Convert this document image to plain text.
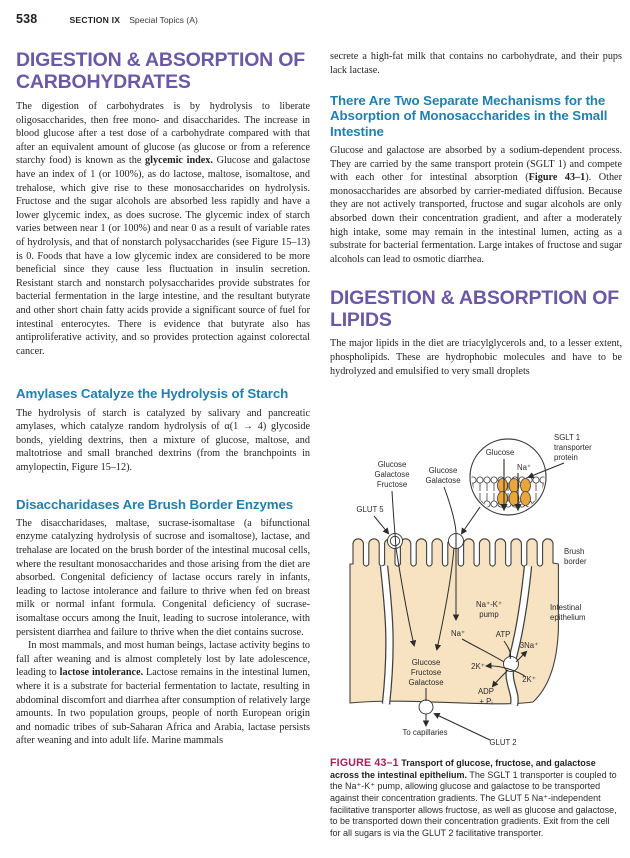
538	SECTION IX Special Topics (A)
DIGESTION & ABSORPTION OF CARBOHYDRATES

The digestion of carbohydrates is by hydrolysis to liberate oligosaccharides, then free mono- and disaccharides. The increase in blood glucose after a test dose of a carbohydrate compared with that after an equivalent amount of glucose (as glucose or from a reference starchy food) is known as the glycemic index. Glucose and galactose have an index of 1 (or 100%), as do lactose, maltose, isomaltose, and trehalose, which give rise to these monosaccharides on hydrolysis. Fructose and the sugar alcohols are absorbed less rapidly and have a lower glycemic index, as does sucrose. The glycemic index of starch varies between near 1 (or 100%) and near 0 as a result of variable rates of hydrolysis, and that of nonstarch polysaccharides (see Figure 15–13) is 0. Foods that have a low glycemic index are considered to be more beneficial since they cause less fluctuation in insulin secretion. Resistant starch and nonstarch polysaccharides provide substrates for bacterial fermentation in the large intestine, and the resultant butyrate and other short chain fatty acids provide a significant source of fuel for intestinal enterocytes. There is evidence that butyrate also has antiproliferative activity, and so provides protection against colorectal cancer.

Amylases Catalyze the Hydrolysis of Starch

The hydrolysis of starch is catalyzed by salivary and pancreatic amylases, which catalyze random hydrolysis of α(1 → 4) glycoside bonds, yielding dextrins, then a mixture of glucose, maltose, and maltotriose and small branched dextrins (from the branchpoints in amylopectin, Figure 15–12).

Disaccharidases Are Brush Border Enzymes

The disaccharidases, maltase, sucrase-isomaltase (a bifunctional enzyme catalyzing hydrolysis of sucrose and isomaltose), lactase, and trehalase are located on the brush border of the intestinal mucosal cells, where the resultant monosaccharides and those arising from the diet are absorbed. Congenital deficiency of lactase occurs rarely in infants, leading to lactose intolerance and failure to thrive when fed on breast milk or normal infant formula. Congenital deficiency of sucrase-isomaltase occurs among the Inuit, leading to sucrose intolerance, with persistent diarrhea and failure to thrive when the diet contains sucrose.

In most mammals, and most human beings, lactase activity begins to fall after weaning and is almost completely lost by late adolescence, leading to lactose intolerance. Lactose remains in the intestinal lumen, where it is a substrate for bacterial fermentation to lactate, resulting in abdominal discomfort and diarrhea after consumption of relatively large amounts. In two population groups, people of north European origin and nomadic tribes of sub-Saharan Africa and Arabia, lactase persists after weaning and into adult life. Marine mammals

secrete a high-fat milk that contains no carbohydrate, and their pups lack lactase.

There Are Two Separate Mechanisms for the Absorption of Monosaccharides in the Small Intestine

Glucose and galactose are absorbed by a sodium-dependent process. They are carried by the same transport protein (SGLT 1) and compete with each other for intestinal absorption (Figure 43–1). Other monosaccharides are absorbed by carrier-mediated diffusion. Because they are not actively transported, fructose and sugar alcohols are only absorbed down their concentration gradient, and after a moderately high intake, some may remain in the intestinal lumen, acting as a substrate for bacterial fermentation. Large intakes of fructose and sugar alcohols can lead to osmotic diarrhea.

DIGESTION & ABSORPTION OF LIPIDS

The major lipids in the diet are triacylglycerols and, to a lesser extent, phospholipids. These are hydrophobic molecules and have to be hydrolyzed and emulsified to very small droplets

Glucose
Na⁺
SGLT 1
transporter
protein
Glucose
Galactose
Fructose
Glucose
Galactose
GLUT 5
Brush
border
Na⁺-K⁺
pump
Intestinal
epithelium
Na⁺	ATP
3Na⁺
2K⁺
2K⁺
ADP
+ Pᵢ
Glucose
Fructose
Galactose
To capillaries
GLUT 2

FIGURE 43–1 Transport of glucose, fructose, and galactose across the intestinal epithelium. The SGLT 1 transporter is coupled to the Na⁺-K⁺ pump, allowing glucose and galactose to be transported against their concentration gradients. The GLUT 5 Na⁺-independent facilitative transporter allows fructose, as well as glucose and galactose, to be transported down their concentration gradients. Exit from the cell for all sugars is via the GLUT 2 facilitative transporter.
